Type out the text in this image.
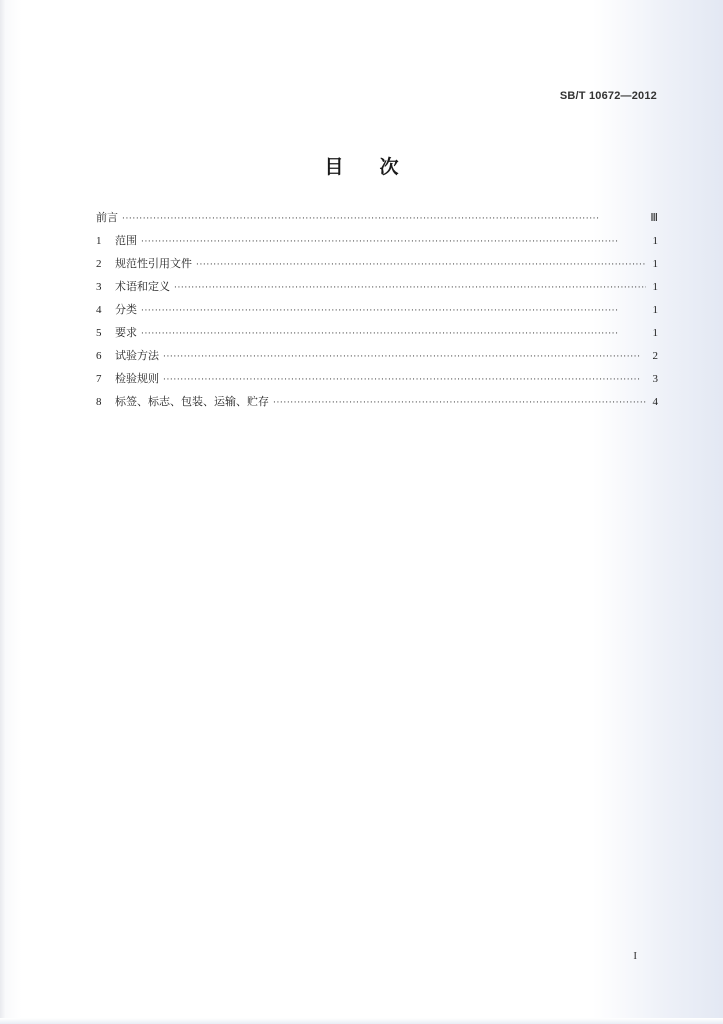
SB/T 10672—2012
目 次
前言 ·····	Ⅲ
1	范围 ·····	1
2	规范性引用文件 ·····	1
3	术语和定义 ·····	1
4	分类 ·····	1
5	要求 ·····	1
6	试验方法 ·····	2
7	检验规则 ·····	3
8	标签、标志、包装、运输、贮存 ·····	4
I
